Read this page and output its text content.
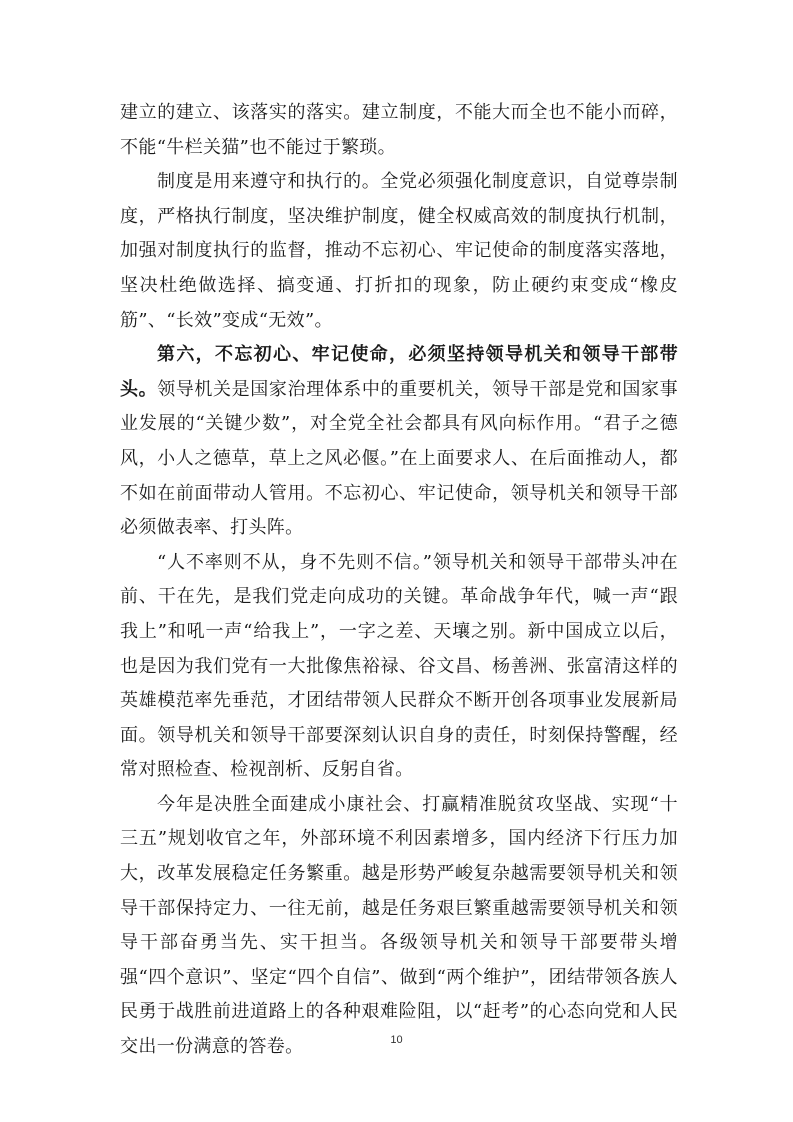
建立的建立、该落实的落实。建立制度，不能大而全也不能小而碎，不能“牛栏关猫”也不能过于繁琐。

制度是用来遵守和执行的。全党必须强化制度意识，自觉尊崇制度，严格执行制度，坚决维护制度，健全权威高效的制度执行机制，加强对制度执行的监督，推动不忘初心、牢记使命的制度落实落地，坚决杜绝做选择、搞变通、打折扣的现象，防止硬约束变成“橡皮筋”、“长效”变成“无效”。

第六，不忘初心、牢记使命，必须坚持领导机关和领导干部带头。领导机关是国家治理体系中的重要机关，领导干部是党和国家事业发展的“关键少数”，对全党全社会都具有风向标作用。“君子之德风，小人之德草，草上之风必偃。”在上面要求人、在后面推动人，都不如在前面带动人管用。不忘初心、牢记使命，领导机关和领导干部必须做表率、打头阵。

“人不率则不从，身不先则不信。”领导机关和领导干部带头冲在前、干在先，是我们党走向成功的关键。革命战争年代，喊一声“跟我上”和吼一声“给我上”，一字之差、天壤之别。新中国成立以后，也是因为我们党有一大批像焦裕禄、谷文昌、杨善洲、张富清这样的英雄模范率先垂范，才团结带领人民群众不断开创各项事业发展新局面。领导机关和领导干部要深刻认识自身的责任，时刻保持警醒，经常对照检查、检视剖析、反躬自省。

今年是决胜全面建成小康社会、打赢精准脱贫攻坚战、实现“十三五”规划收官之年，外部环境不利因素增多，国内经济下行压力加大，改革发展稳定任务繁重。越是形势严峻复杂越需要领导机关和领导干部保持定力、一往无前，越是任务艰巨繁重越需要领导机关和领导干部奋勇当先、实干担当。各级领导机关和领导干部要带头增强“四个意识”、坚定“四个自信”、做到“两个维护”，团结带领各族人民勇于战胜前进道路上的各种艰难险阻，以“赶考”的心态向党和人民交出一份满意的答卷。	10
